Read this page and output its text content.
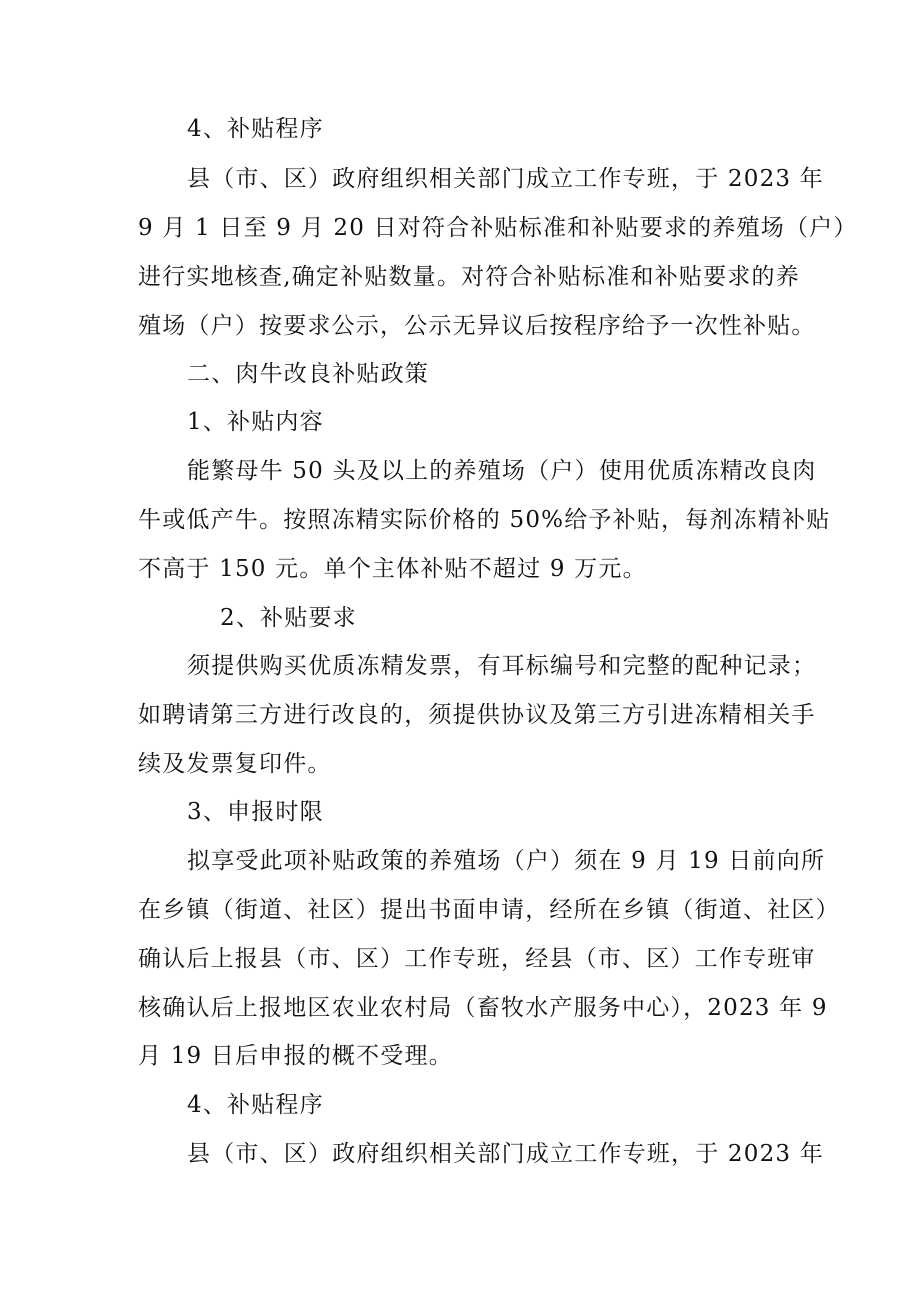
4、补贴程序
县（市、区）政府组织相关部门成立工作专班，于 2023 年
9 月 1 日至 9 月 20 日对符合补贴标准和补贴要求的养殖场（户）
进行实地核查,确定补贴数量。对符合补贴标准和补贴要求的养
殖场（户）按要求公示，公示无异议后按程序给予一次性补贴。
二、肉牛改良补贴政策
1、补贴内容
能繁母牛 50 头及以上的养殖场（户）使用优质冻精改良肉
牛或低产牛。按照冻精实际价格的 50%给予补贴，每剂冻精补贴
不高于 150 元。单个主体补贴不超过 9 万元。
2、补贴要求
须提供购买优质冻精发票，有耳标编号和完整的配种记录；
如聘请第三方进行改良的，须提供协议及第三方引进冻精相关手
续及发票复印件。
3、申报时限
拟享受此项补贴政策的养殖场（户）须在 9 月 19 日前向所
在乡镇（街道、社区）提出书面申请，经所在乡镇（街道、社区）
确认后上报县（市、区）工作专班，经县（市、区）工作专班审
核确认后上报地区农业农村局（畜牧水产服务中心），2023 年 9
月 19 日后申报的概不受理。
4、补贴程序
县（市、区）政府组织相关部门成立工作专班，于 2023 年
